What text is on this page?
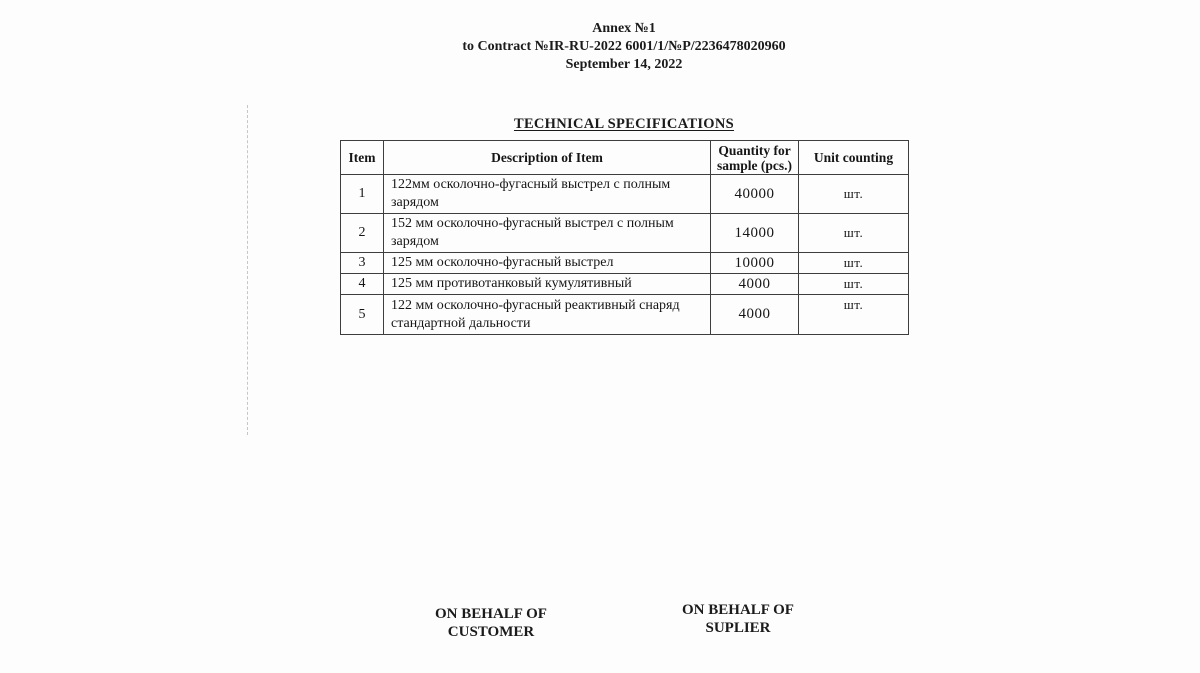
Annex №1
to Contract №IR-RU-2022 6001/1/№P/2236478020960
September 14, 2022
TECHNICAL SPECIFICATIONS
Item	Description of Item	Quantity for sample (pcs.)	Unit counting
1	122мм осколочно-фугасный выстрел с полным зарядом	40000	шт.
2	152 мм осколочно-фугасный выстрел с полным зарядом	14000	шт.
3	125 мм осколочно-фугасный выстрел	10000	шт.
4	125 мм противотанковый кумулятивный	4000	шт.
5	122 мм осколочно-фугасный реактивный снаряд стандартной дальности	4000	шт.
ON BEHALF OF
CUSTOMER
ON BEHALF OF
SUPLIER
